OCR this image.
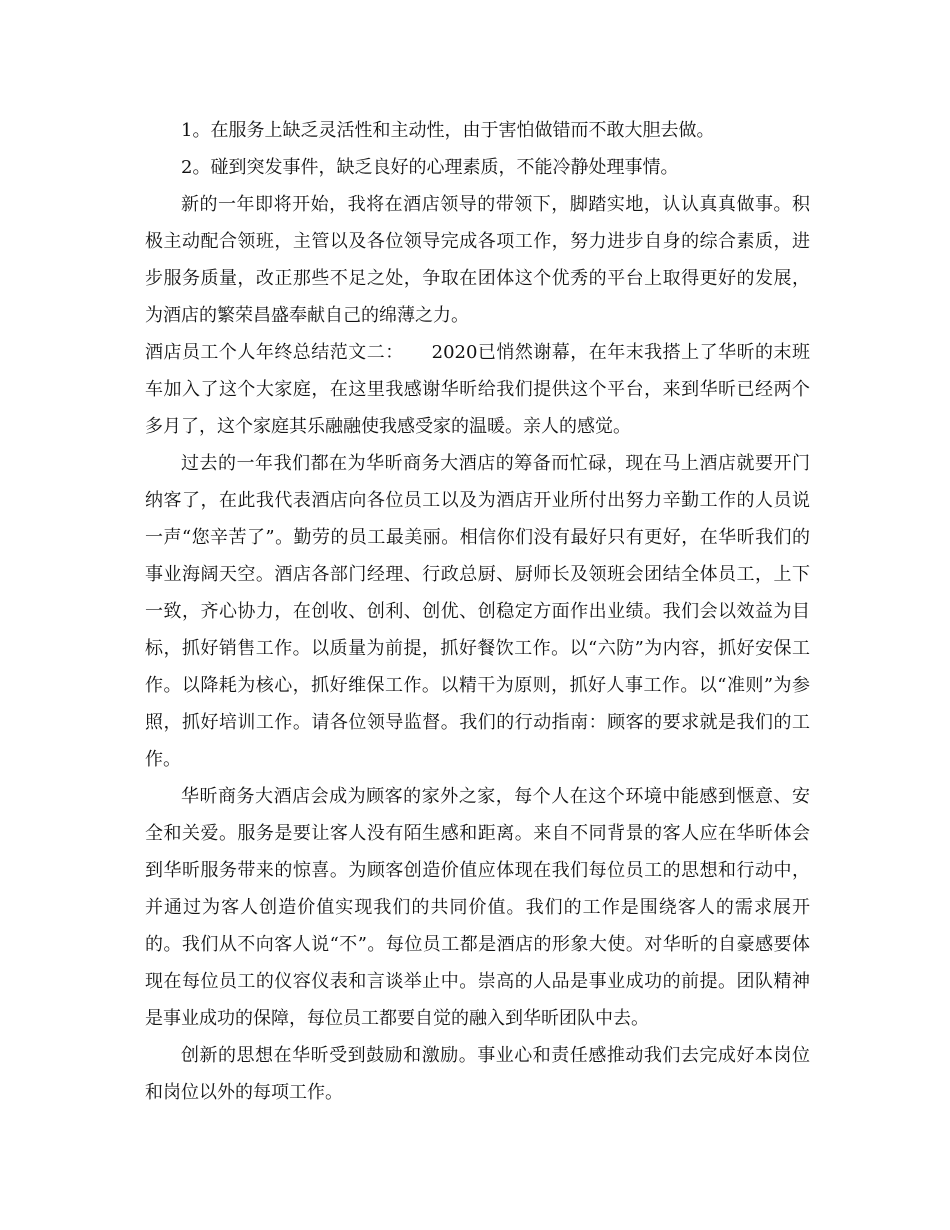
1。在服务上缺乏灵活性和主动性，由于害怕做错而不敢大胆去做。

2。碰到突发事件，缺乏良好的心理素质，不能冷静处理事情。

新的一年即将开始，我将在酒店领导的带领下，脚踏实地，认认真真做事。积极主动配合领班，主管以及各位领导完成各项工作，努力进步自身的综合素质，进步服务质量，改正那些不足之处，争取在团体这个优秀的平台上取得更好的发展，为酒店的繁荣昌盛奉献自己的绵薄之力。

酒店员工个人年终总结范文二：　　2020已悄然谢幕，在年末我搭上了华昕的末班车加入了这个大家庭，在这里我感谢华昕给我们提供这个平台，来到华昕已经两个多月了，这个家庭其乐融融使我感受家的温暖。亲人的感觉。

过去的一年我们都在为华昕商务大酒店的筹备而忙碌，现在马上酒店就要开门纳客了，在此我代表酒店向各位员工以及为酒店开业所付出努力辛勤工作的人员说一声“您辛苦了”。勤劳的员工最美丽。相信你们没有最好只有更好，在华昕我们的事业海阔天空。酒店各部门经理、行政总厨、厨师长及领班会团结全体员工，上下一致，齐心协力，在创收、创利、创优、创稳定方面作出业绩。我们会以效益为目标，抓好销售工作。以质量为前提，抓好餐饮工作。以“六防”为内容，抓好安保工作。以降耗为核心，抓好维保工作。以精干为原则，抓好人事工作。以“准则”为参照，抓好培训工作。请各位领导监督。我们的行动指南：顾客的要求就是我们的工作。

华昕商务大酒店会成为顾客的家外之家，每个人在这个环境中能感到惬意、安全和关爱。服务是要让客人没有陌生感和距离。来自不同背景的客人应在华昕体会到华昕服务带来的惊喜。为顾客创造价值应体现在我们每位员工的思想和行动中，并通过为客人创造价值实现我们的共同价值。我们的工作是围绕客人的需求展开的。我们从不向客人说“不”。每位员工都是酒店的形象大使。对华昕的自豪感要体现在每位员工的仪容仪表和言谈举止中。崇高的人品是事业成功的前提。团队精神是事业成功的保障，每位员工都要自觉的融入到华昕团队中去。

创新的思想在华昕受到鼓励和激励。事业心和责任感推动我们去完成好本岗位和岗位以外的每项工作。
